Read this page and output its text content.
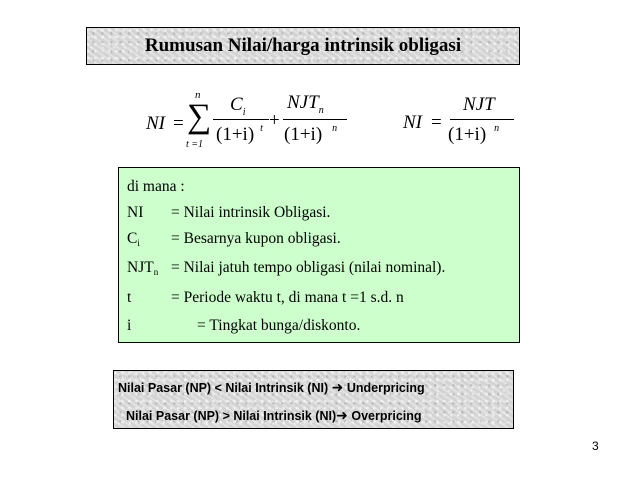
Rumusan Nilai/harga intrinsik obligasi
NI =
n
∑
t =1
$C_i$
(1+i) $^t$ +
$NJT_n$
(1+i) $^n$	NI =
NJT
(1+i) $^n$
di mana :
NI = Nilai intrinsik Obligasi.
Ci = Besarnya kupon obligasi.
NJTn = Nilai jatuh tempo obligasi (nilai nominal).
t	= Periode waktu t, di mana t =1 s.d. n
i	= Tingkat bunga/diskonto.
Nilai Pasar (NP) < Nilai Intrinsik (NI) ➜ Underpricing
Nilai Pasar (NP) > Nilai Intrinsik (NI)➜ Overpricing
3
